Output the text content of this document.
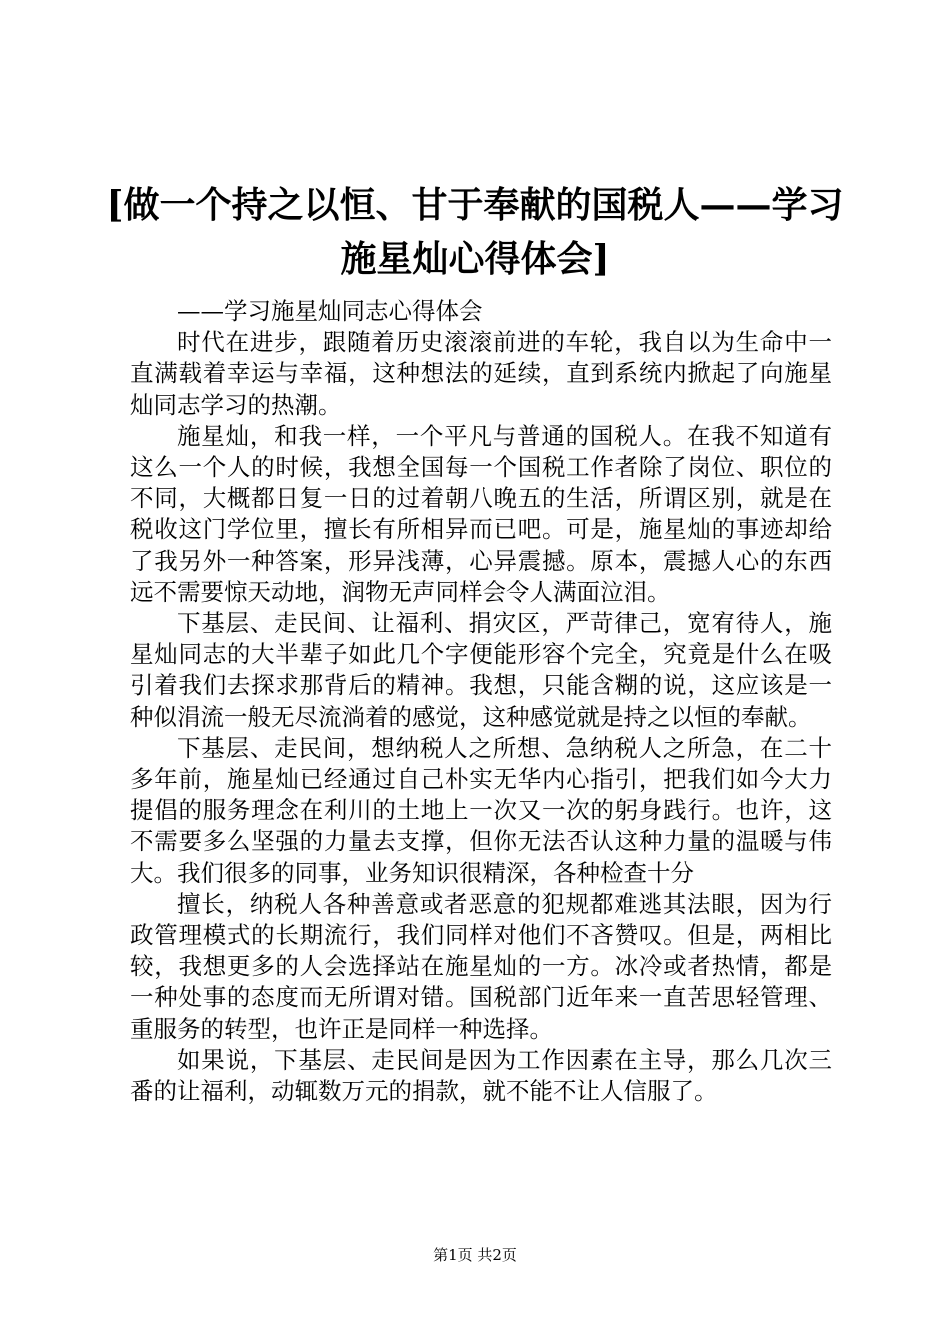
[做一个持之以恒、甘于奉献的国税人——学习施星灿心得体会]

——学习施星灿同志心得体会

时代在进步，跟随着历史滚滚前进的车轮，我自以为生命中一直满载着幸运与幸福，这种想法的延续，直到系统内掀起了向施星灿同志学习的热潮。

施星灿，和我一样，一个平凡与普通的国税人。在我不知道有这么一个人的时候，我想全国每一个国税工作者除了岗位、职位的不同，大概都日复一日的过着朝八晚五的生活，所谓区别，就是在税收这门学位里，擅长有所相异而已吧。可是，施星灿的事迹却给了我另外一种答案，形异浅薄，心异震撼。原本，震撼人心的东西远不需要惊天动地，润物无声同样会令人满面泣泪。

下基层、走民间、让福利、捐灾区，严苛律己，宽宥待人，施星灿同志的大半辈子如此几个字便能形容个完全，究竟是什么在吸引着我们去探求那背后的精神。我想，只能含糊的说，这应该是一种似涓流一般无尽流淌着的感觉，这种感觉就是持之以恒的奉献。

下基层、走民间，想纳税人之所想、急纳税人之所急，在二十多年前，施星灿已经通过自己朴实无华内心指引，把我们如今大力提倡的服务理念在利川的土地上一次又一次的躬身践行。也许，这不需要多么坚强的力量去支撑，但你无法否认这种力量的温暖与伟大。我们很多的同事，业务知识很精深，各种检查十分

擅长，纳税人各种善意或者恶意的犯规都难逃其法眼，因为行政管理模式的长期流行，我们同样对他们不吝赞叹。但是，两相比较，我想更多的人会选择站在施星灿的一方。冰冷或者热情，都是一种处事的态度而无所谓对错。国税部门近年来一直苦思轻管理、重服务的转型，也许正是同样一种选择。

如果说，下基层、走民间是因为工作因素在主导，那么几次三番的让福利，动辄数万元的捐款，就不能不让人信服了。

第1页 共2页
